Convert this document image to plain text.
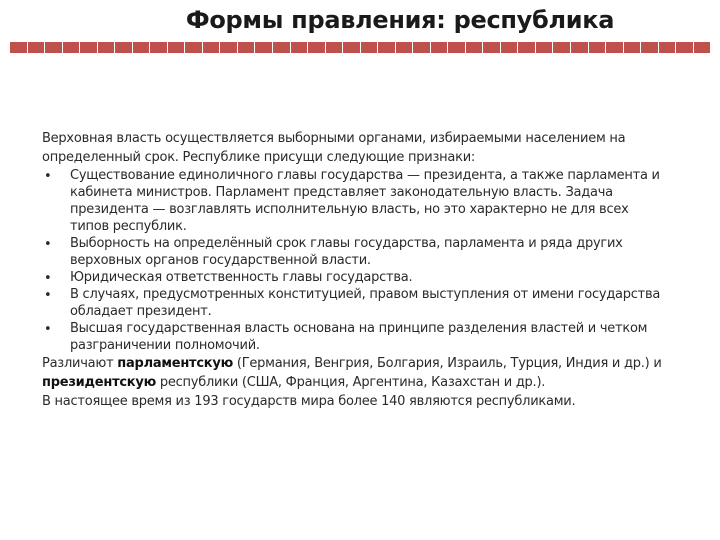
Формы правления: республика
Верховная власть осуществляется выборными органами, избираемыми населением на определенный срок. Республике присущи следующие признаки:
• Существование единоличного главы государства — президента, а также парламента и кабинета министров. Парламент представляет законодательную власть. Задача президента — возглавлять исполнительную власть, но это характерно не для всех типов республик.
• Выборность на определённый срок главы государства, парламента и ряда других верховных органов государственной власти.
• Юридическая ответственность главы государства.
• В случаях, предусмотренных конституцией, правом выступления от имени государства обладает президент.
• Высшая государственная власть основана на принципе разделения властей и четком разграничении полномочий.
Различают парламентскую (Германия, Венгрия, Болгария, Израиль, Турция, Индия и др.) и
президентскую республики (США, Франция, Аргентина, Казахстан и др.).
В настоящее время из 193 государств мира более 140 являются республиками.
